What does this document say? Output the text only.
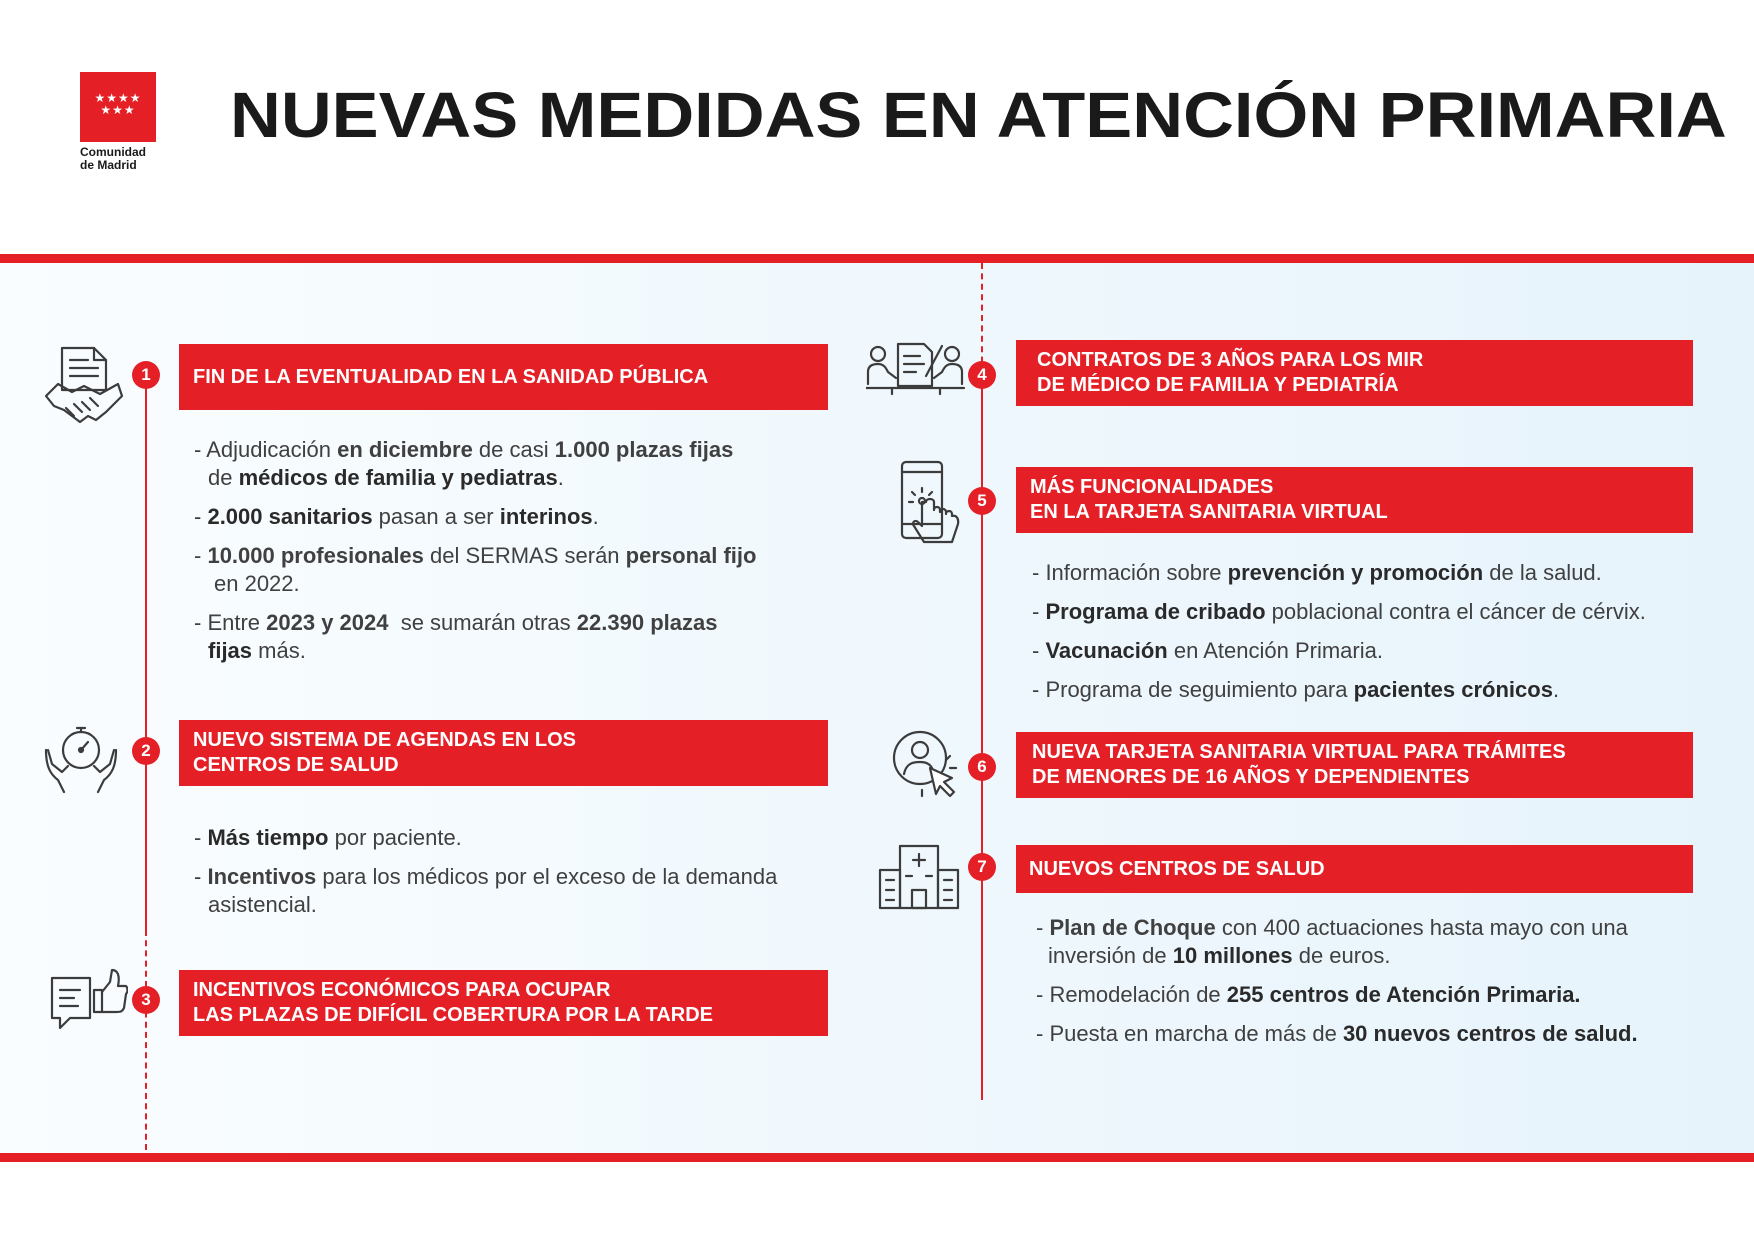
★★★★
★★★
Comunidad
de Madrid
NUEVAS MEDIDAS EN ATENCIÓN PRIMARIA
1	FIN DE LA EVENTUALIDAD EN LA SANIDAD PÚBLICA
- Adjudicación en diciembre de casi 1.000 plazas fijas
de médicos de familia y pediatras.
- 2.000 sanitarios pasan a ser interinos.
- 10.000 profesionales del SERMAS serán personal fijo
en 2022.
- Entre 2023 y 2024  se sumarán otras 22.390 plazas
fijas más.
2	NUEVO SISTEMA DE AGENDAS EN LOS
CENTROS DE SALUD
- Más tiempo por paciente.
- Incentivos para los médicos por el exceso de la demanda
asistencial.
3	INCENTIVOS ECONÓMICOS PARA OCUPAR
LAS PLAZAS DE DIFÍCIL COBERTURA POR LA TARDE
4
CONTRATOS DE 3 AÑOS PARA LOS MIR
DE MÉDICO DE FAMILIA Y PEDIATRÍA
5
MÁS FUNCIONALIDADES
EN LA TARJETA SANITARIA VIRTUAL
- Información sobre prevención y promoción de la salud.
- Programa de cribado poblacional contra el cáncer de cérvix.
- Vacunación en Atención Primaria.
- Programa de seguimiento para pacientes crónicos.
6
NUEVA TARJETA SANITARIA VIRTUAL PARA TRÁMITES
DE MENORES DE 16 AÑOS Y DEPENDIENTES
7	NUEVOS CENTROS DE SALUD
- Plan de Choque con 400 actuaciones hasta mayo con una
inversión de 10 millones de euros.
- Remodelación de 255 centros de Atención Primaria.
- Puesta en marcha de más de 30 nuevos centros de salud.
